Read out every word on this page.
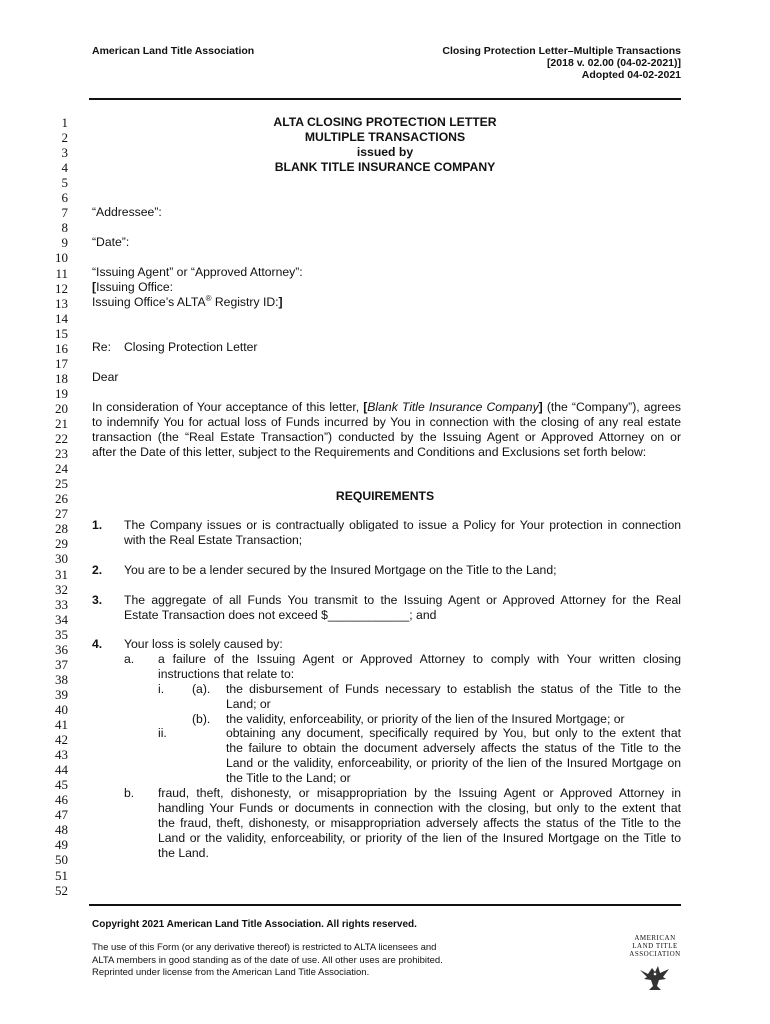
American Land Title Association	Closing Protection Letter–Multiple Transactions
[2018 v. 02.00 (04-02-2021)]
Adopted 04-02-2021
1
2
3
4
5
6
7
8
9
10
11
12
13
14
15
16
17
18
19
20
21
22
23
24
25
26
27
28
29
30
31
32
33
34
35
36
37
38
39
40
41
42
43
44
45
46
47
48
49
50
51
52
ALTA CLOSING PROTECTION LETTER
MULTIPLE TRANSACTIONS
issued by
BLANK TITLE INSURANCE COMPANY
“Addressee”:
“Date”:
“Issuing Agent” or “Approved Attorney”:
[Issuing Office:
Issuing Office’s ALTA® Registry ID:]
Re: Closing Protection Letter
Dear
In consideration of Your acceptance of this letter, [Blank Title Insurance Company] (the “Company”), agrees
to indemnify You for actual loss of Funds incurred by You in connection with the closing of any real estate
transaction (the “Real Estate Transaction”) conducted by the Issuing Agent or Approved Attorney on or
after the Date of this letter, subject to the Requirements and Conditions and Exclusions set forth below:
REQUIREMENTS
1. The Company issues or is contractually obligated to issue a Policy for Your protection in connection
with the Real Estate Transaction;
2. You are to be a lender secured by the Insured Mortgage on the Title to the Land;
3. The aggregate of all Funds You transmit to the Issuing Agent or Approved Attorney for the Real
Estate Transaction does not exceed $____________; and
4. Your loss is solely caused by:
a. a failure of the Issuing Agent or Approved Attorney to comply with Your written closing
instructions that relate to:
i. (a). the disbursement of Funds necessary to establish the status of the Title to the
Land; or
(b). the validity, enforceability, or priority of the lien of the Insured Mortgage; or
ii.	obtaining any document, specifically required by You, but only to the extent that
the failure to obtain the document adversely affects the status of the Title to the
Land or the validity, enforceability, or priority of the lien of the Insured Mortgage on
the Title to the Land; or
b. fraud, theft, dishonesty, or misappropriation by the Issuing Agent or Approved Attorney in
handling Your Funds or documents in connection with the closing, but only to the extent that
the fraud, theft, dishonesty, or misappropriation adversely affects the status of the Title to the
Land or the validity, enforceability, or priority of the lien of the Insured Mortgage on the Title to
the Land.
Copyright 2021 American Land Title Association. All rights reserved.
The use of this Form (or any derivative thereof) is restricted to ALTA licensees and
ALTA members in good standing as of the date of use. All other uses are prohibited.
Reprinted under license from the American Land Title Association.
AMERICAN
LAND TITLE
ASSOCIATION
